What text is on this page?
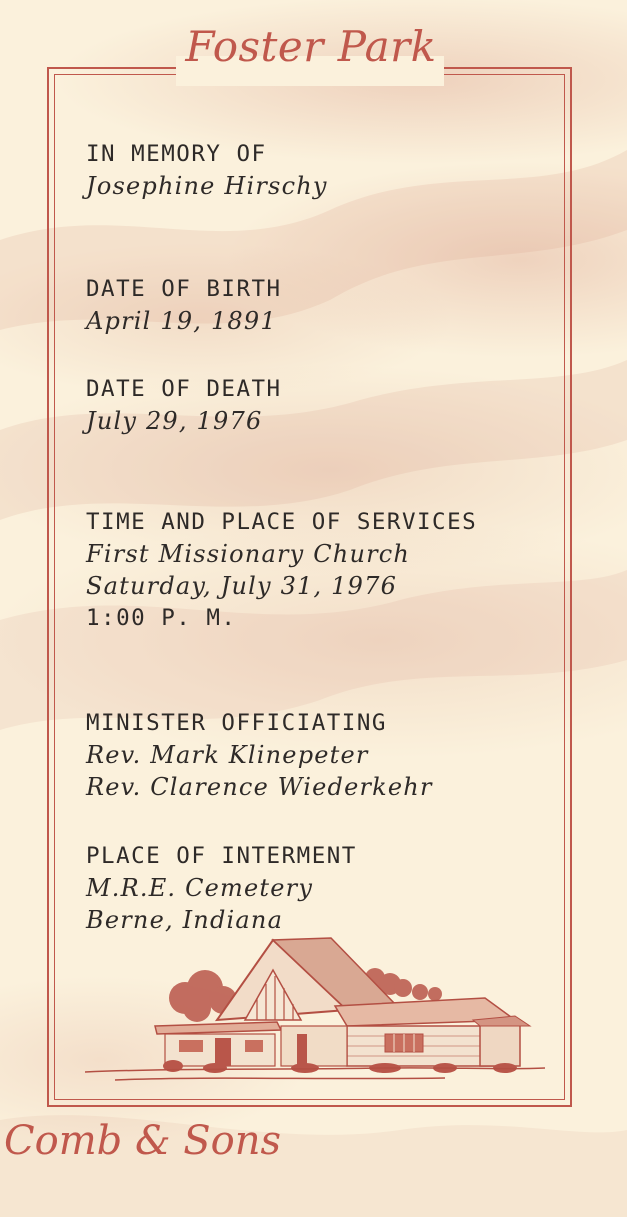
Foster Park
IN MEMORY OF
Josephine Hirschy
DATE OF BIRTH
April 19, 1891
DATE OF DEATH
July 29, 1976
TIME AND PLACE OF SERVICES
First Missionary Church
Saturday, July 31, 1976
1:00 P. M.
MINISTER OFFICIATING
Rev. Mark Klinepeter
Rev. Clarence Wiederkehr
PLACE OF INTERMENT
M.R.E. Cemetery
Berne, Indiana
Comb & Sons
